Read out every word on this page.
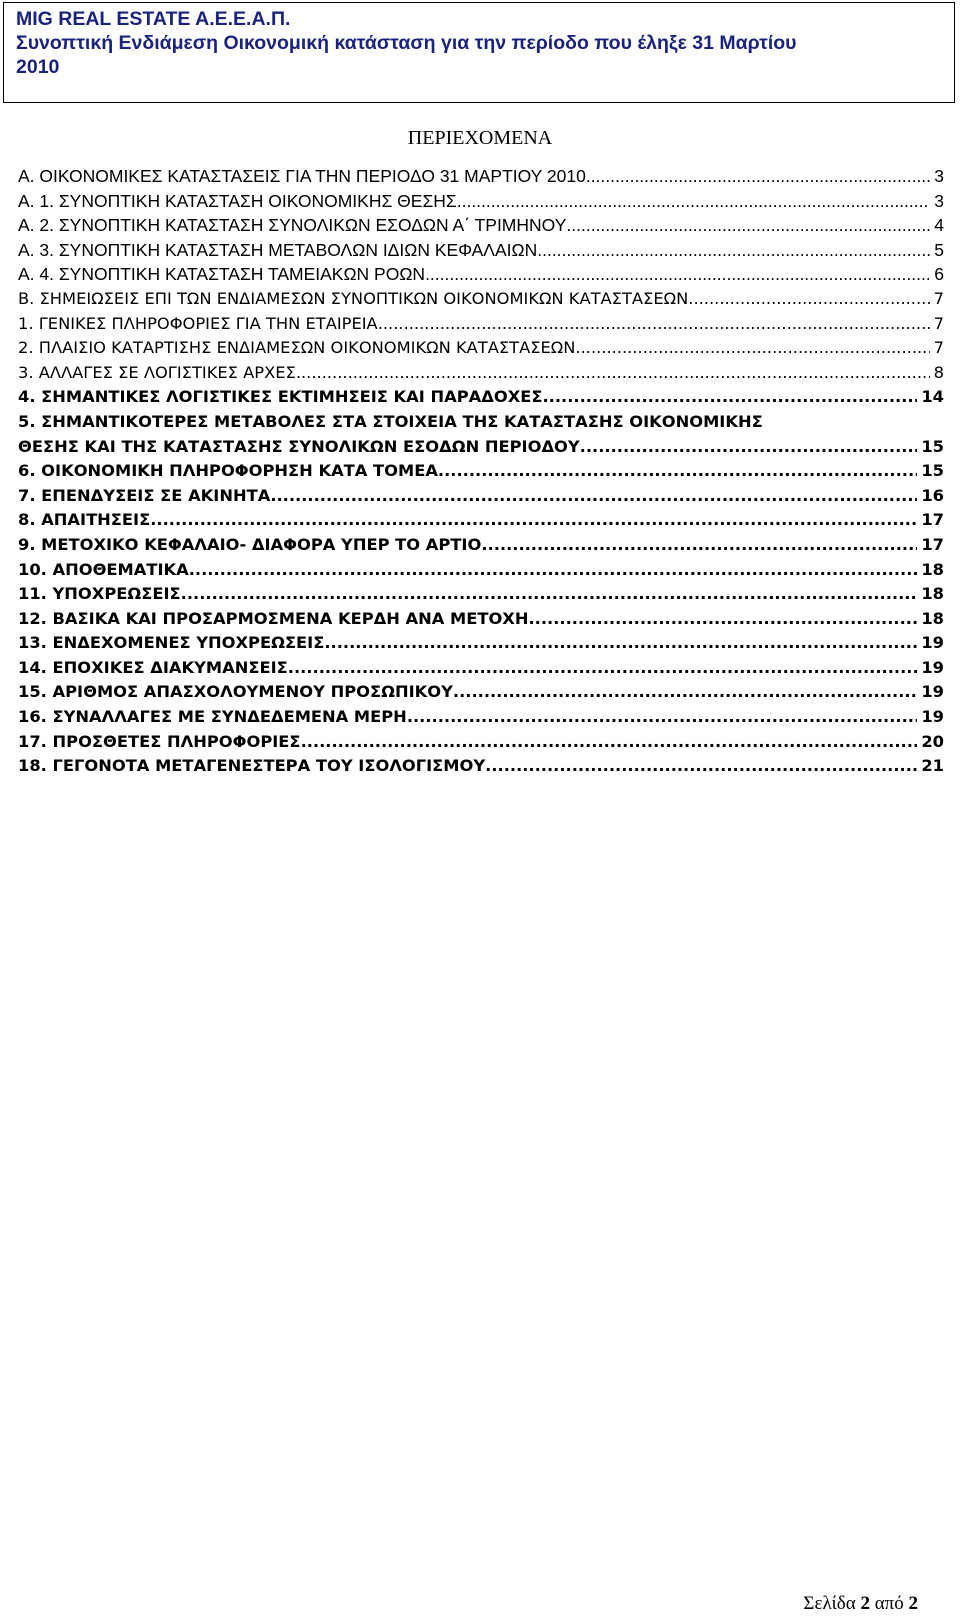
MIG REAL ESTATE A.E.E.A.Π.
Συνοπτική Ενδιάμεση Οικονομική κατάσταση για την περίοδο που έληξε 31 Μαρτίου
2010
ΠΕΡΙΕΧΟΜΕΝΑ
Α. ΟΙΚΟΝΟΜΙΚΕΣ ΚΑΤΑΣΤΑΣΕΙΣ ΓΙΑ ΤΗΝ ΠΕΡΙΟΔΟ 31 ΜΑΡΤΙΟΥ 2010 .....	3
Α. 1. ΣΥΝΟΠΤΙΚΗ ΚΑΤΑΣΤΑΣΗ ΟΙΚΟΝΟΜΙΚΗΣ ΘΕΣΗΣ .....	3
Α. 2. ΣΥΝΟΠΤΙΚΗ ΚΑΤΑΣΤΑΣΗ ΣΥΝΟΛΙΚΩΝ ΕΣΟΔΩΝ Α΄ ΤΡΙΜΗΝΟΥ .....	4
Α. 3. ΣΥΝΟΠΤΙΚΗ ΚΑΤΑΣΤΑΣΗ ΜΕΤΑΒΟΛΩΝ ΙΔΙΩΝ ΚΕΦΑΛΑΙΩΝ .....	5
Α. 4. ΣΥΝΟΠΤΙΚΗ ΚΑΤΑΣΤΑΣΗ ΤΑΜΕΙΑΚΩΝ ΡΟΩΝ .....	6
Β. ΣΗΜΕΙΩΣΕΙΣ ΕΠΙ ΤΩΝ ΕΝΔΙΑΜΕΣΩΝ ΣΥΝΟΠΤΙΚΩΝ ΟΙΚΟΝΟΜΙΚΩΝ ΚΑΤΑΣΤΑΣΕΩΝ .....	7
1. ΓΕΝΙΚΕΣ ΠΛΗΡΟΦΟΡΙΕΣ ΓΙΑ ΤΗΝ ΕΤΑΙΡΕΙΑ .....	7
2. ΠΛΑΙΣΙΟ ΚΑΤΑΡΤΙΣΗΣ ΕΝΔΙΑΜΕΣΩΝ ΟΙΚΟΝΟΜΙΚΩΝ ΚΑΤΑΣΤΑΣΕΩΝ .....	7
3. ΑΛΛΑΓΕΣ ΣΕ ΛΟΓΙΣΤΙΚΕΣ ΑΡΧΕΣ .....	8
4. ΣΗΜΑΝΤΙΚΕΣ ΛΟΓΙΣΤΙΚΕΣ ΕΚΤΙΜΗΣΕΙΣ ΚΑΙ ΠΑΡΑΔΟΧΕΣ .....	14
5. ΣΗΜΑΝΤΙΚΟΤΕΡΕΣ ΜΕΤΑΒΟΛΕΣ ΣΤΑ ΣΤΟΙΧΕΙΑ ΤΗΣ ΚΑΤΑΣΤΑΣΗΣ ΟΙΚΟΝΟΜΙΚΗΣ
ΘΕΣΗΣ ΚΑΙ ΤΗΣ ΚΑΤΑΣΤΑΣΗΣ ΣΥΝΟΛΙΚΩΝ ΕΣΟΔΩΝ ΠΕΡΙΟΔΟΥ .....	15
6. ΟΙΚΟΝΟΜΙΚΗ ΠΛΗΡΟΦΟΡΗΣΗ ΚΑΤΑ ΤΟΜΕΑ .....	15
7. ΕΠΕΝΔΥΣΕΙΣ ΣΕ ΑΚΙΝΗΤΑ .....	16
8. ΑΠΑΙΤΗΣΕΙΣ .....	17
9. ΜΕΤΟΧΙΚΟ ΚΕΦΑΛΑΙΟ- ΔΙΑΦΟΡΑ ΥΠΕΡ ΤΟ ΑΡΤΙΟ .....	17
10. ΑΠΟΘΕΜΑΤΙΚΑ .....	18
11. ΥΠΟΧΡΕΩΣΕΙΣ .....	18
12. ΒΑΣΙΚΑ ΚΑΙ ΠΡΟΣΑΡΜΟΣΜΕΝΑ ΚΕΡΔΗ ΑΝΑ ΜΕΤΟΧΗ .....	18
13. ΕΝΔΕΧΟΜΕΝΕΣ ΥΠΟΧΡΕΩΣΕΙΣ .....	19
14. ΕΠΟΧΙΚΕΣ ΔΙΑΚΥΜΑΝΣΕΙΣ .....	19
15. ΑΡΙΘΜΟΣ ΑΠΑΣΧΟΛΟΥΜΕΝΟΥ ΠΡΟΣΩΠΙΚΟΥ .....	19
16. ΣΥΝΑΛΛΑΓΕΣ ΜΕ ΣΥΝΔΕΔΕΜΕΝΑ ΜΕΡΗ .....	19
17. ΠΡΟΣΘΕΤΕΣ ΠΛΗΡΟΦΟΡΙΕΣ .....	20
18. ΓΕΓΟΝΟΤΑ ΜΕΤΑΓΕΝΕΣΤΕΡΑ ΤΟΥ ΙΣΟΛΟΓΙΣΜΟΥ .....	21
Σελίδα 2 από 2
